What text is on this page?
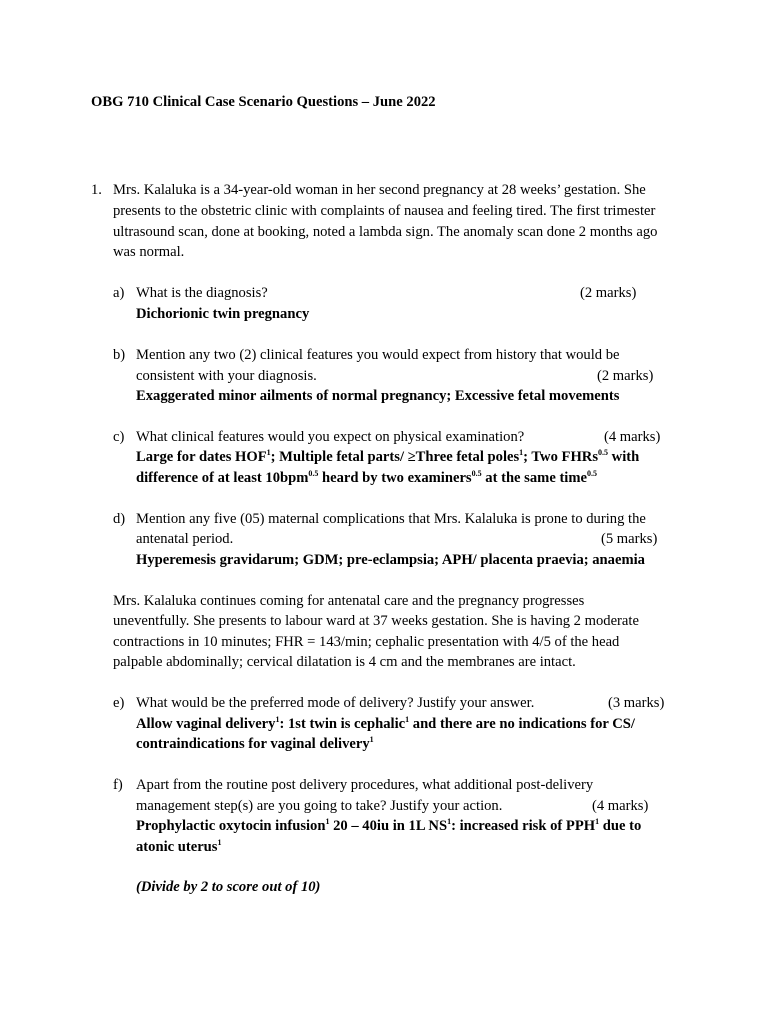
OBG 710 Clinical Case Scenario Questions – June 2022
1. Mrs. Kalaluka is a 34-year-old woman in her second pregnancy at 28 weeks’ gestation. She
presents to the obstetric clinic with complaints of nausea and feeling tired. The first trimester
ultrasound scan, done at booking, noted a lambda sign. The anomaly scan done 2 months ago
was normal.
a) What is the diagnosis?	(2 marks)
Dichorionic twin pregnancy
b) Mention any two (2) clinical features you would expect from history that would be
consistent with your diagnosis.	(2 marks)
Exaggerated minor ailments of normal pregnancy; Excessive fetal movements
c) What clinical features would you expect on physical examination?	(4 marks)
Large for dates HOF$^1$; Multiple fetal parts/ ≥Three fetal poles$^1$; Two FHRs$^{0.5}$ with
difference of at least 10bpm$^{0.5}$ heard by two examiners$^{0.5}$ at the same time$^{0.5}$
d) Mention any five (05) maternal complications that Mrs. Kalaluka is prone to during the
antenatal period.	(5 marks)
Hyperemesis gravidarum; GDM; pre-eclampsia; APH/ placenta praevia; anaemia
Mrs. Kalaluka continues coming for antenatal care and the pregnancy progresses
uneventfully. She presents to labour ward at 37 weeks gestation. She is having 2 moderate
contractions in 10 minutes; FHR = 143/min; cephalic presentation with 4/5 of the head
palpable abdominally; cervical dilatation is 4 cm and the membranes are intact.
e) What would be the preferred mode of delivery? Justify your answer.	(3 marks)
Allow vaginal delivery$^1$: 1st twin is cephalic$^1$ and there are no indications for CS/
contraindications for vaginal delivery$^1$
f) Apart from the routine post delivery procedures, what additional post-delivery
management step(s) are you going to take? Justify your action.	(4 marks)
Prophylactic oxytocin infusion$^1$ 20 – 40iu in 1L $NS^1$: increased risk of PPH$^1$ due to
atonic uterus$^1$
(Divide by 2 to score out of 10)
